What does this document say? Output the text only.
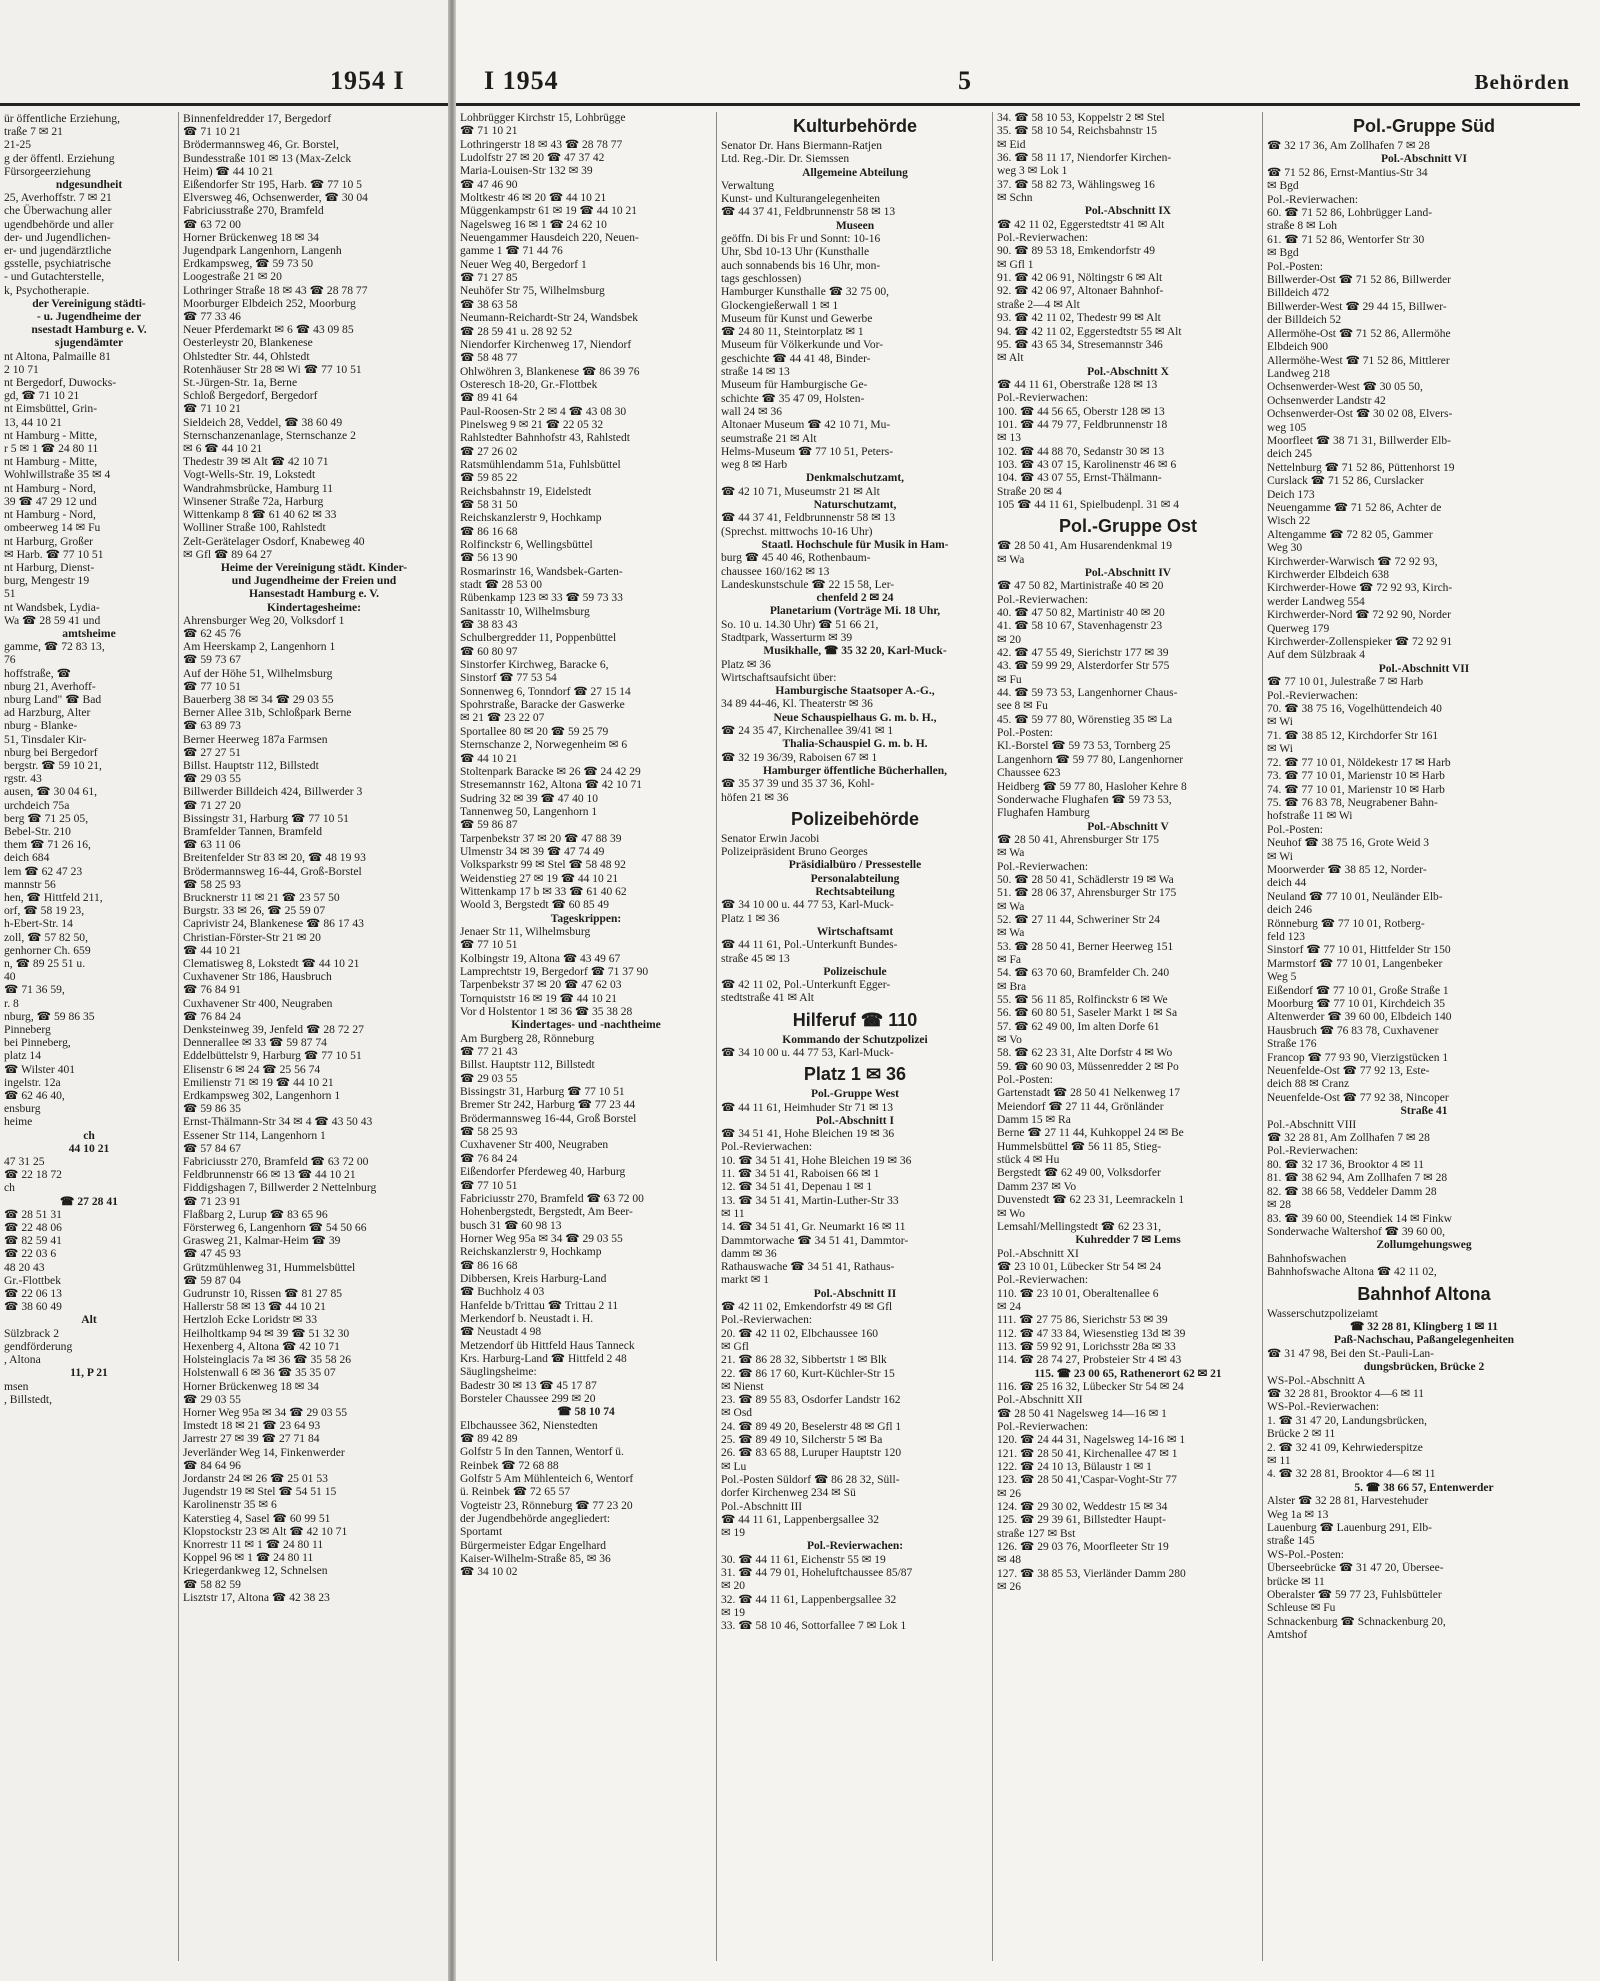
1954 I
ür öffentliche Erziehung,
traße 7 ✉ 21
21-25
g der öffentl. Erziehung
Fürsorgeerziehung
ndgesundheit
25, Averhoffstr. 7 ✉ 21
che Überwachung aller
ugendbehörde und aller
der- und Jugendlichen-
er- und jugendärztliche
gsstelle, psychiatrische
- und Gutachterstelle,
k, Psychotherapie.
der Vereinigung städti-
- u. Jugendheime der
nsestadt Hamburg e. V.
sjugendämter
nt Altona, Palmaille 81
2 10 71
nt Bergedorf, Duwocks-
gd, ☎ 71 10 21
nt Eimsbüttel, Grin-
13, 44 10 21
nt Hamburg - Mitte,
r 5 ✉ 1 ☎ 24 80 11
nt Hamburg - Mitte,
Wohlwillstraße 35 ✉ 4
nt Hamburg - Nord,
39 ☎ 47 29 12 und
nt Hamburg - Nord,
ombeerweg 14 ✉ Fu
nt Harburg, Großer
✉ Harb. ☎ 77 10 51
nt Harburg, Dienst-
burg, Mengestr 19
51
nt Wandsbek, Lydia-
Wa ☎ 28 59 41 und
amtsheime
gamme, ☎ 72 83 13,
76
hoffstraße, ☎
nburg 21, Averhoff-
nburg Land" ☎ Bad
ad Harzburg, Alter
nburg - Blanke-
51, Tinsdaler Kir-
nburg bei Bergedorf
bergstr. ☎ 59 10 21,
rgstr. 43
ausen, ☎ 30 04 61,
urchdeich 75a
berg ☎ 71 25 05,
Bebel-Str. 210
them ☎ 71 26 16,
deich 684
lem ☎ 62 47 23
mannstr 56
hen, ☎ Hittfeld 211,
orf, ☎ 58 19 23,
h-Ebert-Str. 14
zoll, ☎ 57 82 50,
genhorner Ch. 659
n, ☎ 89 25 51 u.
40
☎ 71 36 59,
r. 8
nburg, ☎ 59 86 35
Pinneberg
bei Pinneberg,
platz 14
☎ Wilster 401
ingelstr. 12a
☎ 62 46 40,
ensburg
heime
ch
44 10 21
47 31 25
☎ 22 18 72
ch
☎ 27 28 41
☎ 28 51 31
☎ 22 48 06
☎ 82 59 41
☎ 22 03 6
48 20 43
Gr.-Flottbek
☎ 22 06 13
☎ 38 60 49
Alt
Sülzbrack 2
gendförderung
, Altona
11, P 21
msen
, Billstedt,
Binnenfeldredder 17, Bergedorf
☎ 71 10 21
Brödermannsweg 46, Gr. Borstel,
Bundesstraße 101 ✉ 13 (Max-Zelck
Heim) ☎ 44 10 21
Eißendorfer Str 195, Harb. ☎ 77 10 5
Elversweg 46, Ochsenwerder, ☎ 30 04
Fabriciusstraße 270, Bramfeld
☎ 63 72 00
Horner Brückenweg 18 ✉ 34
Jugendpark Langenhorn, Langenh
Erdkampsweg, ☎ 59 73 50
Loogestraße 21 ✉ 20
Lothringer Straße 18 ✉ 43 ☎ 28 78 77
Moorburger Elbdeich 252, Moorburg
☎ 77 33 46
Neuer Pferdemarkt ✉ 6 ☎ 43 09 85
Oesterleystr 20, Blankenese
Ohlstedter Str. 44, Ohlstedt
Rotenhäuser Str 28 ✉ Wi ☎ 77 10 51
St.-Jürgen-Str. 1a, Berne
Schloß Bergedorf, Bergedorf
☎ 71 10 21
Sieldeich 28, Veddel, ☎ 38 60 49
Sternschanzenanlage, Sternschanze 2
✉ 6 ☎ 44 10 21
Thedestr 39 ✉ Alt ☎ 42 10 71
Vogt-Wells-Str. 19, Lokstedt
Wandrahmsbrücke, Hamburg 11
Winsener Straße 72a, Harburg
Wittenkamp 8 ☎ 61 40 62 ✉ 33
Wolliner Straße 100, Rahlstedt
Zelt-Gerätelager Osdorf, Knabeweg 40
✉ Gfl ☎ 89 64 27
Heime der Vereinigung städt. Kinder-
und Jugendheime der Freien und
Hansestadt Hamburg e. V.
Kindertagesheime:
Ahrensburger Weg 20, Volksdorf 1
☎ 62 45 76
Am Heerskamp 2, Langenhorn 1
☎ 59 73 67
Auf der Höhe 51, Wilhelmsburg
☎ 77 10 51
Bauerberg 38 ✉ 34 ☎ 29 03 55
Berner Allee 31b, Schloßpark Berne
☎ 63 89 73
Berner Heerweg 187a Farmsen
☎ 27 27 51
Billst. Hauptstr 112, Billstedt
☎ 29 03 55
Billwerder Billdeich 424, Billwerder 3
☎ 71 27 20
Bissingstr 31, Harburg ☎ 77 10 51
Bramfelder Tannen, Bramfeld
☎ 63 11 06
Breitenfelder Str 83 ✉ 20, ☎ 48 19 93
Brödermannsweg 16-44, Groß-Borstel
☎ 58 25 93
Brucknerstr 11 ✉ 21 ☎ 23 57 50
Burgstr. 33 ✉ 26, ☎ 25 59 07
Caprivistr 24, Blankenese ☎ 86 17 43
Christian-Förster-Str 21 ✉ 20
☎ 44 10 21
Clematisweg 8, Lokstedt ☎ 44 10 21
Cuxhavener Str 186, Hausbruch
☎ 76 84 91
Cuxhavener Str 400, Neugraben
☎ 76 84 24
Denksteinweg 39, Jenfeld ☎ 28 72 27
Dennerallee ✉ 33 ☎ 59 87 74
Eddelbüttelstr 9, Harburg ☎ 77 10 51
Elisenstr 6 ✉ 24 ☎ 25 56 74
Emilienstr 71 ✉ 19 ☎ 44 10 21
Erdkampsweg 302, Langenhorn 1
☎ 59 86 35
Ernst-Thälmann-Str 34 ✉ 4 ☎ 43 50 43
Essener Str 114, Langenhorn 1
☎ 57 84 67
Fabriciusstr 270, Bramfeld ☎ 63 72 00
Feldbrunnenstr 66 ✉ 13 ☎ 44 10 21
Fiddigshagen 7, Billwerder 2 Nettelnburg
☎ 71 23 91
Flaßbarg 2, Lurup ☎ 83 65 96
Försterweg 6, Langenhorn ☎ 54 50 66
Grasweg 21, Kalmar-Heim ☎ 39
☎ 47 45 93
Grützmühlenweg 31, Hummelsbüttel
☎ 59 87 04
Gudrunstr 10, Rissen ☎ 81 27 85
Hallerstr 58 ✉ 13 ☎ 44 10 21
Hertzloh Ecke Loridstr ✉ 33
Heilholtkamp 94 ✉ 39 ☎ 51 32 30
Hexenberg 4, Altona ☎ 42 10 71
Holsteinglacis 7a ✉ 36 ☎ 35 58 26
Holstenwall 6 ✉ 36 ☎ 35 35 07
Horner Brückenweg 18 ✉ 34
☎ 29 03 55
Horner Weg 95a ✉ 34 ☎ 29 03 55
Imstedt 18 ✉ 21 ☎ 23 64 93
Jarrestr 27 ✉ 39 ☎ 27 71 84
Jeverländer Weg 14, Finkenwerder
☎ 84 64 96
Jordanstr 24 ✉ 26 ☎ 25 01 53
Jugendstr 19 ✉ Stel ☎ 54 51 15
Karolinenstr 35 ✉ 6
Katerstieg 4, Sasel ☎ 60 99 51
Klopstockstr 23 ✉ Alt ☎ 42 10 71
Knorrestr 11 ✉ 1 ☎ 24 80 11
Koppel 96 ✉ 1 ☎ 24 80 11
Kriegerdankweg 12, Schnelsen
☎ 58 82 59
Lisztstr 17, Altona ☎ 42 38 23
I 1954	5	Behörden
Lohbrügger Kirchstr 15, Lohbrügge
☎ 71 10 21
Lothringerstr 18 ✉ 43 ☎ 28 78 77
Ludolfstr 27 ✉ 20 ☎ 47 37 42
Maria-Louisen-Str 132 ✉ 39
☎ 47 46 90
Moltkestr 46 ✉ 20 ☎ 44 10 21
Müggenkampstr 61 ✉ 19 ☎ 44 10 21
Nagelsweg 16 ✉ 1 ☎ 24 62 10
Neuengammer Hausdeich 220, Neuen-
gamme 1 ☎ 71 44 76
Neuer Weg 40, Bergedorf 1
☎ 71 27 85
Neuhöfer Str 75, Wilhelmsburg
☎ 38 63 58
Neumann-Reichardt-Str 24, Wandsbek
☎ 28 59 41 u. 28 92 52
Niendorfer Kirchenweg 17, Niendorf
☎ 58 48 77
Ohlwöhren 3, Blankenese ☎ 86 39 76
Osteresch 18-20, Gr.-Flottbek
☎ 89 41 64
Paul-Roosen-Str 2 ✉ 4 ☎ 43 08 30
Pinelsweg 9 ✉ 21 ☎ 22 05 32
Rahlstedter Bahnhofstr 43, Rahlstedt
☎ 27 26 02
Ratsmühlendamm 51a, Fuhlsbüttel
☎ 59 85 22
Reichsbahnstr 19, Eidelstedt
☎ 58 31 50
Reichskanzlerstr 9, Hochkamp
☎ 86 16 68
Rolfinckstr 6, Wellingsbüttel
☎ 56 13 90
Rosmarinstr 16, Wandsbek-Garten-
stadt ☎ 28 53 00
Rübenkamp 123 ✉ 33 ☎ 59 73 33
Sanitasstr 10, Wilhelmsburg
☎ 38 83 43
Schulbergredder 11, Poppenbüttel
☎ 60 80 97
Sinstorfer Kirchweg, Baracke 6,
Sinstorf ☎ 77 53 54
Sonnenweg 6, Tonndorf ☎ 27 15 14
Spohrstraße, Baracke der Gaswerke
✉ 21 ☎ 23 22 07
Sportallee 80 ✉ 20 ☎ 59 25 79
Sternschanze 2, Norwegenheim ✉ 6
☎ 44 10 21
Stoltenpark Baracke ✉ 26 ☎ 24 42 29
Stresemannstr 162, Altona ☎ 42 10 71
Sudring 32 ✉ 39 ☎ 47 40 10
Tannenweg 50, Langenhorn 1
☎ 59 86 87
Tarpenbekstr 37 ✉ 20 ☎ 47 88 39
Ulmenstr 34 ✉ 39 ☎ 47 74 49
Volksparkstr 99 ✉ Stel ☎ 58 48 92
Weidenstieg 27 ✉ 19 ☎ 44 10 21
Wittenkamp 17 b ✉ 33 ☎ 61 40 62
Woold 3, Bergstedt ☎ 60 85 49
Tageskrippen:
Jenaer Str 11, Wilhelmsburg
☎ 77 10 51
Kolbingstr 19, Altona ☎ 43 49 67
Lamprechtstr 19, Bergedorf ☎ 71 37 90
Tarpenbekstr 37 ✉ 20 ☎ 47 62 03
Tornquiststr 16 ✉ 19 ☎ 44 10 21
Vor d Holstentor 1 ✉ 36 ☎ 35 38 28
Kindertages- und -nachtheime
Am Burgberg 28, Rönneburg
☎ 77 21 43
Billst. Hauptstr 112, Billstedt
☎ 29 03 55
Bissingstr 31, Harburg ☎ 77 10 51
Bremer Str 242, Harburg ☎ 77 23 44
Brödermannsweg 16-44, Groß Borstel
☎ 58 25 93
Cuxhavener Str 400, Neugraben
☎ 76 84 24
Eißendorfer Pferdeweg 40, Harburg
☎ 77 10 51
Fabriciusstr 270, Bramfeld ☎ 63 72 00
Hohenbergstedt, Bergstedt, Am Beer-
busch 31 ☎ 60 98 13
Horner Weg 95a ✉ 34 ☎ 29 03 55
Reichskanzlerstr 9, Hochkamp
☎ 86 16 68
Dibbersen, Kreis Harburg-Land
☎ Buchholz 4 03
Hanfelde b/Trittau ☎ Trittau 2 11
Merkendorf b. Neustadt i. H.
☎ Neustadt 4 98
Metzendorf üb Hittfeld Haus Tanneck
Krs. Harburg-Land ☎ Hittfeld 2 48
Säuglingsheime:
Badestr 30 ✉ 13 ☎ 45 17 87
Borsteler Chaussee 299 ✉ 20
☎ 58 10 74
Elbchaussee 362, Nienstedten
☎ 89 42 89
Golfstr 5 In den Tannen, Wentorf ü.
Reinbek ☎ 72 68 88
Golfstr 5 Am Mühlenteich 6, Wentorf
ü. Reinbek ☎ 72 65 57
Vogteistr 23, Rönneburg ☎ 77 23 20
der Jugendbehörde angegliedert:
Sportamt
Bürgermeister Edgar Engelhard
Kaiser-Wilhelm-Straße 85, ✉ 36
☎ 34 10 02
Kulturbehörde
Senator Dr. Hans Biermann-Ratjen
Ltd. Reg.-Dir. Dr. Siemssen
Allgemeine Abteilung
Verwaltung
Kunst- und Kulturangelegenheiten
☎ 44 37 41, Feldbrunnenstr 58 ✉ 13
Museen
geöffn. Di bis Fr und Sonnt: 10-16
Uhr, Sbd 10-13 Uhr (Kunsthalle
auch sonnabends bis 16 Uhr, mon-
tags geschlossen)
Hamburger Kunsthalle ☎ 32 75 00,
Glockengießerwall 1 ✉ 1
Museum für Kunst und Gewerbe
☎ 24 80 11, Steintorplatz ✉ 1
Museum für Völkerkunde und Vor-
geschichte ☎ 44 41 48, Binder-
straße 14 ✉ 13
Museum für Hamburgische Ge-
schichte ☎ 35 47 09, Holsten-
wall 24 ✉ 36
Altonaer Museum ☎ 42 10 71, Mu-
seumstraße 21 ✉ Alt
Helms-Museum ☎ 77 10 51, Peters-
weg 8 ✉ Harb
Denkmalschutzamt,
☎ 42 10 71, Museumstr 21 ✉ Alt
Naturschutzamt,
☎ 44 37 41, Feldbrunnenstr 58 ✉ 13
(Sprechst. mittwochs 10-16 Uhr)
Staatl. Hochschule für Musik in Ham-
burg ☎ 45 40 46, Rothenbaum-
chaussee 160/162 ✉ 13
Landeskunstschule ☎ 22 15 58, Ler-
chenfeld 2 ✉ 24
Planetarium (Vorträge Mi. 18 Uhr,
So. 10 u. 14.30 Uhr) ☎ 51 66 21,
Stadtpark, Wasserturm ✉ 39
Musikhalle, ☎ 35 32 20, Karl-Muck-
Platz ✉ 36
Wirtschaftsaufsicht über:
Hamburgische Staatsoper A.-G.,
34 89 44-46, Kl. Theaterstr ✉ 36
Neue Schauspielhaus G. m. b. H.,
☎ 24 35 47, Kirchenallee 39/41 ✉ 1
Thalia-Schauspiel G. m. b. H.
☎ 32 19 36/39, Raboisen 67 ✉ 1
Hamburger öffentliche Bücherhallen,
☎ 35 37 39 und 35 37 36, Kohl-
höfen 21 ✉ 36
Polizeibehörde
Senator Erwin Jacobi
Polizeipräsident Bruno Georges
Präsidialbüro / Pressestelle
Personalabteilung
Rechtsabteilung
☎ 34 10 00 u. 44 77 53, Karl-Muck-
Platz 1 ✉ 36
Wirtschaftsamt
☎ 44 11 61, Pol.-Unterkunft Bundes-
straße 45 ✉ 13
Polizeischule
☎ 42 11 02, Pol.-Unterkunft Egger-
stedtstraße 41 ✉ Alt
Hilferuf ☎ 110
Kommando der Schutzpolizei
☎ 34 10 00 u. 44 77 53, Karl-Muck-
Platz 1 ✉ 36
Pol.-Gruppe West
☎ 44 11 61, Heimhuder Str 71 ✉ 13
Pol.-Abschnitt I
☎ 34 51 41, Hohe Bleichen 19 ✉ 36
Pol.-Revierwachen:
10. ☎ 34 51 41, Hohe Bleichen 19 ✉ 36
11. ☎ 34 51 41, Raboisen 66 ✉ 1
12. ☎ 34 51 41, Depenau 1 ✉ 1
13. ☎ 34 51 41, Martin-Luther-Str 33
✉ 11
14. ☎ 34 51 41, Gr. Neumarkt 16 ✉ 11
Dammtorwache ☎ 34 51 41, Dammtor-
damm ✉ 36
Rathauswache ☎ 34 51 41, Rathaus-
markt ✉ 1
Pol.-Abschnitt II
☎ 42 11 02, Emkendorfstr 49 ✉ Gfl
Pol.-Revierwachen:
20. ☎ 42 11 02, Elbchaussee 160
✉ Gfl
21. ☎ 86 28 32, Sibbertstr 1 ✉ Blk
22. ☎ 86 17 60, Kurt-Küchler-Str 15
✉ Nienst
23. ☎ 89 55 83, Osdorfer Landstr 162
✉ Osd
24. ☎ 89 49 20, Beselerstr 48 ✉ Gfl 1
25. ☎ 89 49 10, Silcherstr 5 ✉ Ba
26. ☎ 83 65 88, Luruper Hauptstr 120
✉ Lu
Pol.-Posten Süldorf ☎ 86 28 32, Süll-
dorfer Kirchenweg 234 ✉ Sü
Pol.-Abschnitt III
☎ 44 11 61, Lappenbergsallee 32
✉ 19
Pol.-Revierwachen:
30. ☎ 44 11 61, Eichenstr 55 ✉ 19
31. ☎ 44 79 01, Hoheluftchaussee 85/87
✉ 20
32. ☎ 44 11 61, Lappenbergsallee 32
✉ 19
33. ☎ 58 10 46, Sottorfallee 7 ✉ Lok 1
34. ☎ 58 10 53, Koppelstr 2 ✉ Stel
35. ☎ 58 10 54, Reichsbahnstr 15
✉ Eid
36. ☎ 58 11 17, Niendorfer Kirchen-
weg 3 ✉ Lok 1
37. ☎ 58 82 73, Wählingsweg 16
✉ Schn
Pol.-Abschnitt IX
☎ 42 11 02, Eggerstedtstr 41 ✉ Alt
Pol.-Revierwachen:
90. ☎ 89 53 18, Emkendorfstr 49
✉ Gfl 1
91. ☎ 42 06 91, Nöltingstr 6 ✉ Alt
92. ☎ 42 06 97, Altonaer Bahnhof-
straße 2—4 ✉ Alt
93. ☎ 42 11 02, Thedestr 99 ✉ Alt
94. ☎ 42 11 02, Eggerstedtstr 55 ✉ Alt
95. ☎ 43 65 34, Stresemannstr 346
✉ Alt
Pol.-Abschnitt X
☎ 44 11 61, Oberstraße 128 ✉ 13
Pol.-Revierwachen:
100. ☎ 44 56 65, Oberstr 128 ✉ 13
101. ☎ 44 79 77, Feldbrunnenstr 18
✉ 13
102. ☎ 44 88 70, Sedanstr 30 ✉ 13
103. ☎ 43 07 15, Karolinenstr 46 ✉ 6
104. ☎ 43 07 55, Ernst-Thälmann-
Straße 20 ✉ 4
105 ☎ 44 11 61, Spielbudenpl. 31 ✉ 4
Pol.-Gruppe Ost
☎ 28 50 41, Am Husarendenkmal 19
✉ Wa
Pol.-Abschnitt IV
☎ 47 50 82, Martinistraße 40 ✉ 20
Pol.-Revierwachen:
40. ☎ 47 50 82, Martinistr 40 ✉ 20
41. ☎ 58 10 67, Stavenhagenstr 23
✉ 20
42. ☎ 47 55 49, Sierichstr 177 ✉ 39
43. ☎ 59 99 29, Alsterdorfer Str 575
✉ Fu
44. ☎ 59 73 53, Langenhorner Chaus-
see 8 ✉ Fu
45. ☎ 59 77 80, Wörenstieg 35 ✉ La
Pol.-Posten:
Kl.-Borstel ☎ 59 73 53, Tornberg 25
Langenhorn ☎ 59 77 80, Langenhorner
Chaussee 623
Heidberg ☎ 59 77 80, Hasloher Kehre 8
Sonderwache Flughafen ☎ 59 73 53,
Flughafen Hamburg
Pol.-Abschnitt V
☎ 28 50 41, Ahrensburger Str 175
✉ Wa
Pol.-Revierwachen:
50. ☎ 28 50 41, Schädlerstr 19 ✉ Wa
51. ☎ 28 06 37, Ahrensburger Str 175
✉ Wa
52. ☎ 27 11 44, Schweriner Str 24
✉ Wa
53. ☎ 28 50 41, Berner Heerweg 151
✉ Fa
54. ☎ 63 70 60, Bramfelder Ch. 240
✉ Bra
55. ☎ 56 11 85, Rolfinckstr 6 ✉ We
56. ☎ 60 80 51, Saseler Markt 1 ✉ Sa
57. ☎ 62 49 00, Im alten Dorfe 61
✉ Vo
58. ☎ 62 23 31, Alte Dorfstr 4 ✉ Wo
59. ☎ 60 90 03, Müssenredder 2 ✉ Po
Pol.-Posten:
Gartenstadt ☎ 28 50 41 Nelkenweg 17
Meiendorf ☎ 27 11 44, Grönländer
Damm 15 ✉ Ra
Berne ☎ 27 11 44, Kuhkoppel 24 ✉ Be
Hummelsbüttel ☎ 56 11 85, Stieg-
stück 4 ✉ Hu
Bergstedt ☎ 62 49 00, Volksdorfer
Damm 237 ✉ Vo
Duvenstedt ☎ 62 23 31, Leemrackeln 1
✉ Wo
Lemsahl/Mellingstedt ☎ 62 23 31,
Kuhredder 7 ✉ Lems
Pol.-Abschnitt XI
☎ 23 10 01, Lübecker Str 54 ✉ 24
Pol.-Revierwachen:
110. ☎ 23 10 01, Oberaltenallee 6
✉ 24
111. ☎ 27 75 86, Sierichstr 53 ✉ 39
112. ☎ 47 33 84, Wiesenstieg 13d ✉ 39
113. ☎ 59 92 91, Lorichsstr 28a ✉ 33
114. ☎ 28 74 27, Probsteier Str 4 ✉ 43
115. ☎ 23 00 65, Rathenerort 62 ✉ 21
116. ☎ 25 16 32, Lübecker Str 54 ✉ 24
Pol.-Abschnitt XII
☎ 28 50 41 Nagelsweg 14—16 ✉ 1
Pol.-Revierwachen:
120. ☎ 24 44 31, Nagelsweg 14-16 ✉ 1
121. ☎ 28 50 41, Kirchenallee 47 ✉ 1
122. ☎ 24 10 13, Bülaustr 1 ✉ 1
123. ☎ 28 50 41,'Caspar-Voght-Str 77
✉ 26
124. ☎ 29 30 02, Weddestr 15 ✉ 34
125. ☎ 29 39 61, Billstedter Haupt-
straße 127 ✉ Bst
126. ☎ 29 03 76, Moorfleeter Str 19
✉ 48
127. ☎ 38 85 53, Vierländer Damm 280
✉ 26
Pol.-Gruppe Süd
☎ 32 17 36, Am Zollhafen 7 ✉ 28
Pol.-Abschnitt VI
☎ 71 52 86, Ernst-Mantius-Str 34
✉ Bgd
Pol.-Revierwachen:
60. ☎ 71 52 86, Lohbrügger Land-
straße 8 ✉ Loh
61. ☎ 71 52 86, Wentorfer Str 30
✉ Bgd
Pol.-Posten:
Billwerder-Ost ☎ 71 52 86, Billwerder
Billdeich 472
Billwerder-West ☎ 29 44 15, Billwer-
der Billdeich 52
Allermöhe-Ost ☎ 71 52 86, Allermöhe
Elbdeich 900
Allermöhe-West ☎ 71 52 86, Mittlerer
Landweg 218
Ochsenwerder-West ☎ 30 05 50,
Ochsenwerder Landstr 42
Ochsenwerder-Ost ☎ 30 02 08, Elvers-
weg 105
Moorfleet ☎ 38 71 31, Billwerder Elb-
deich 245
Nettelnburg ☎ 71 52 86, Püttenhorst 19
Curslack ☎ 71 52 86, Curslacker
Deich 173
Neuengamme ☎ 71 52 86, Achter de
Wisch 22
Altengamme ☎ 72 82 05, Gammer
Weg 30
Kirchwerder-Warwisch ☎ 72 92 93,
Kirchwerder Elbdeich 638
Kirchwerder-Howe ☎ 72 92 93, Kirch-
werder Landweg 554
Kirchwerder-Nord ☎ 72 92 90, Norder
Querweg 179
Kirchwerder-Zollenspieker ☎ 72 92 91
Auf dem Sülzbraak 4
Pol.-Abschnitt VII
☎ 77 10 01, Julestraße 7 ✉ Harb
Pol.-Revierwachen:
70. ☎ 38 75 16, Vogelhüttendeich 40
✉ Wi
71. ☎ 38 85 12, Kirchdorfer Str 161
✉ Wi
72. ☎ 77 10 01, Nöldekestr 17 ✉ Harb
73. ☎ 77 10 01, Marienstr 10 ✉ Harb
74. ☎ 77 10 01, Marienstr 10 ✉ Harb
75. ☎ 76 83 78, Neugrabener Bahn-
hofstraße 11 ✉ Wi
Pol.-Posten:
Neuhof ☎ 38 75 16, Grote Weid 3
✉ Wi
Moorwerder ☎ 38 85 12, Norder-
deich 44
Neuland ☎ 77 10 01, Neuländer Elb-
deich 246
Rönneburg ☎ 77 10 01, Rotberg-
feld 123
Sinstorf ☎ 77 10 01, Hittfelder Str 150
Marmstorf ☎ 77 10 01, Langenbeker
Weg 5
Eißendorf ☎ 77 10 01, Große Straße 1
Moorburg ☎ 77 10 01, Kirchdeich 35
Altenwerder ☎ 39 60 00, Elbdeich 140
Hausbruch ☎ 76 83 78, Cuxhavener
Straße 176
Francop ☎ 77 93 90, Vierzigstücken 1
Neuenfelde-Ost ☎ 77 92 13, Este-
deich 88 ✉ Cranz
Neuenfelde-Ost ☎ 77 92 38, Nincoper
Straße 41
Pol.-Abschnitt VIII
☎ 32 28 81, Am Zollhafen 7 ✉ 28
Pol.-Revierwachen:
80. ☎ 32 17 36, Brooktor 4 ✉ 11
81. ☎ 38 62 94, Am Zollhafen 7 ✉ 28
82. ☎ 38 66 58, Veddeler Damm 28
✉ 28
83. ☎ 39 60 00, Steendiek 14 ✉ Finkw
Sonderwache Waltershof ☎ 39 60 00,
Zollumgehungsweg
Bahnhofswachen
Bahnhofswache Altona ☎ 42 11 02,
Bahnhof Altona
Wasserschutzpolizeiamt
☎ 32 28 81, Klingberg 1 ✉ 11
Paß-Nachschau, Paßangelegenheiten
☎ 31 47 98, Bei den St.-Pauli-Lan-
dungsbrücken, Brücke 2
WS-Pol.-Abschnitt A
☎ 32 28 81, Brooktor 4—6 ✉ 11
WS-Pol.-Revierwachen:
1. ☎ 31 47 20, Landungsbrücken,
Brücke 2 ✉ 11
2. ☎ 32 41 09, Kehrwiederspitze
✉ 11
4. ☎ 32 28 81, Brooktor 4—6 ✉ 11
5. ☎ 38 66 57, Entenwerder
Alster ☎ 32 28 81, Harvestehuder
Weg 1a ✉ 13
Lauenburg ☎ Lauenburg 291, Elb-
straße 145
WS-Pol.-Posten:
Überseebrücke ☎ 31 47 20, Übersee-
brücke ✉ 11
Oberalster ☎ 59 77 23, Fuhlsbütteler
Schleuse ✉ Fu
Schnackenburg ☎ Schnackenburg 20,
Amtshof
